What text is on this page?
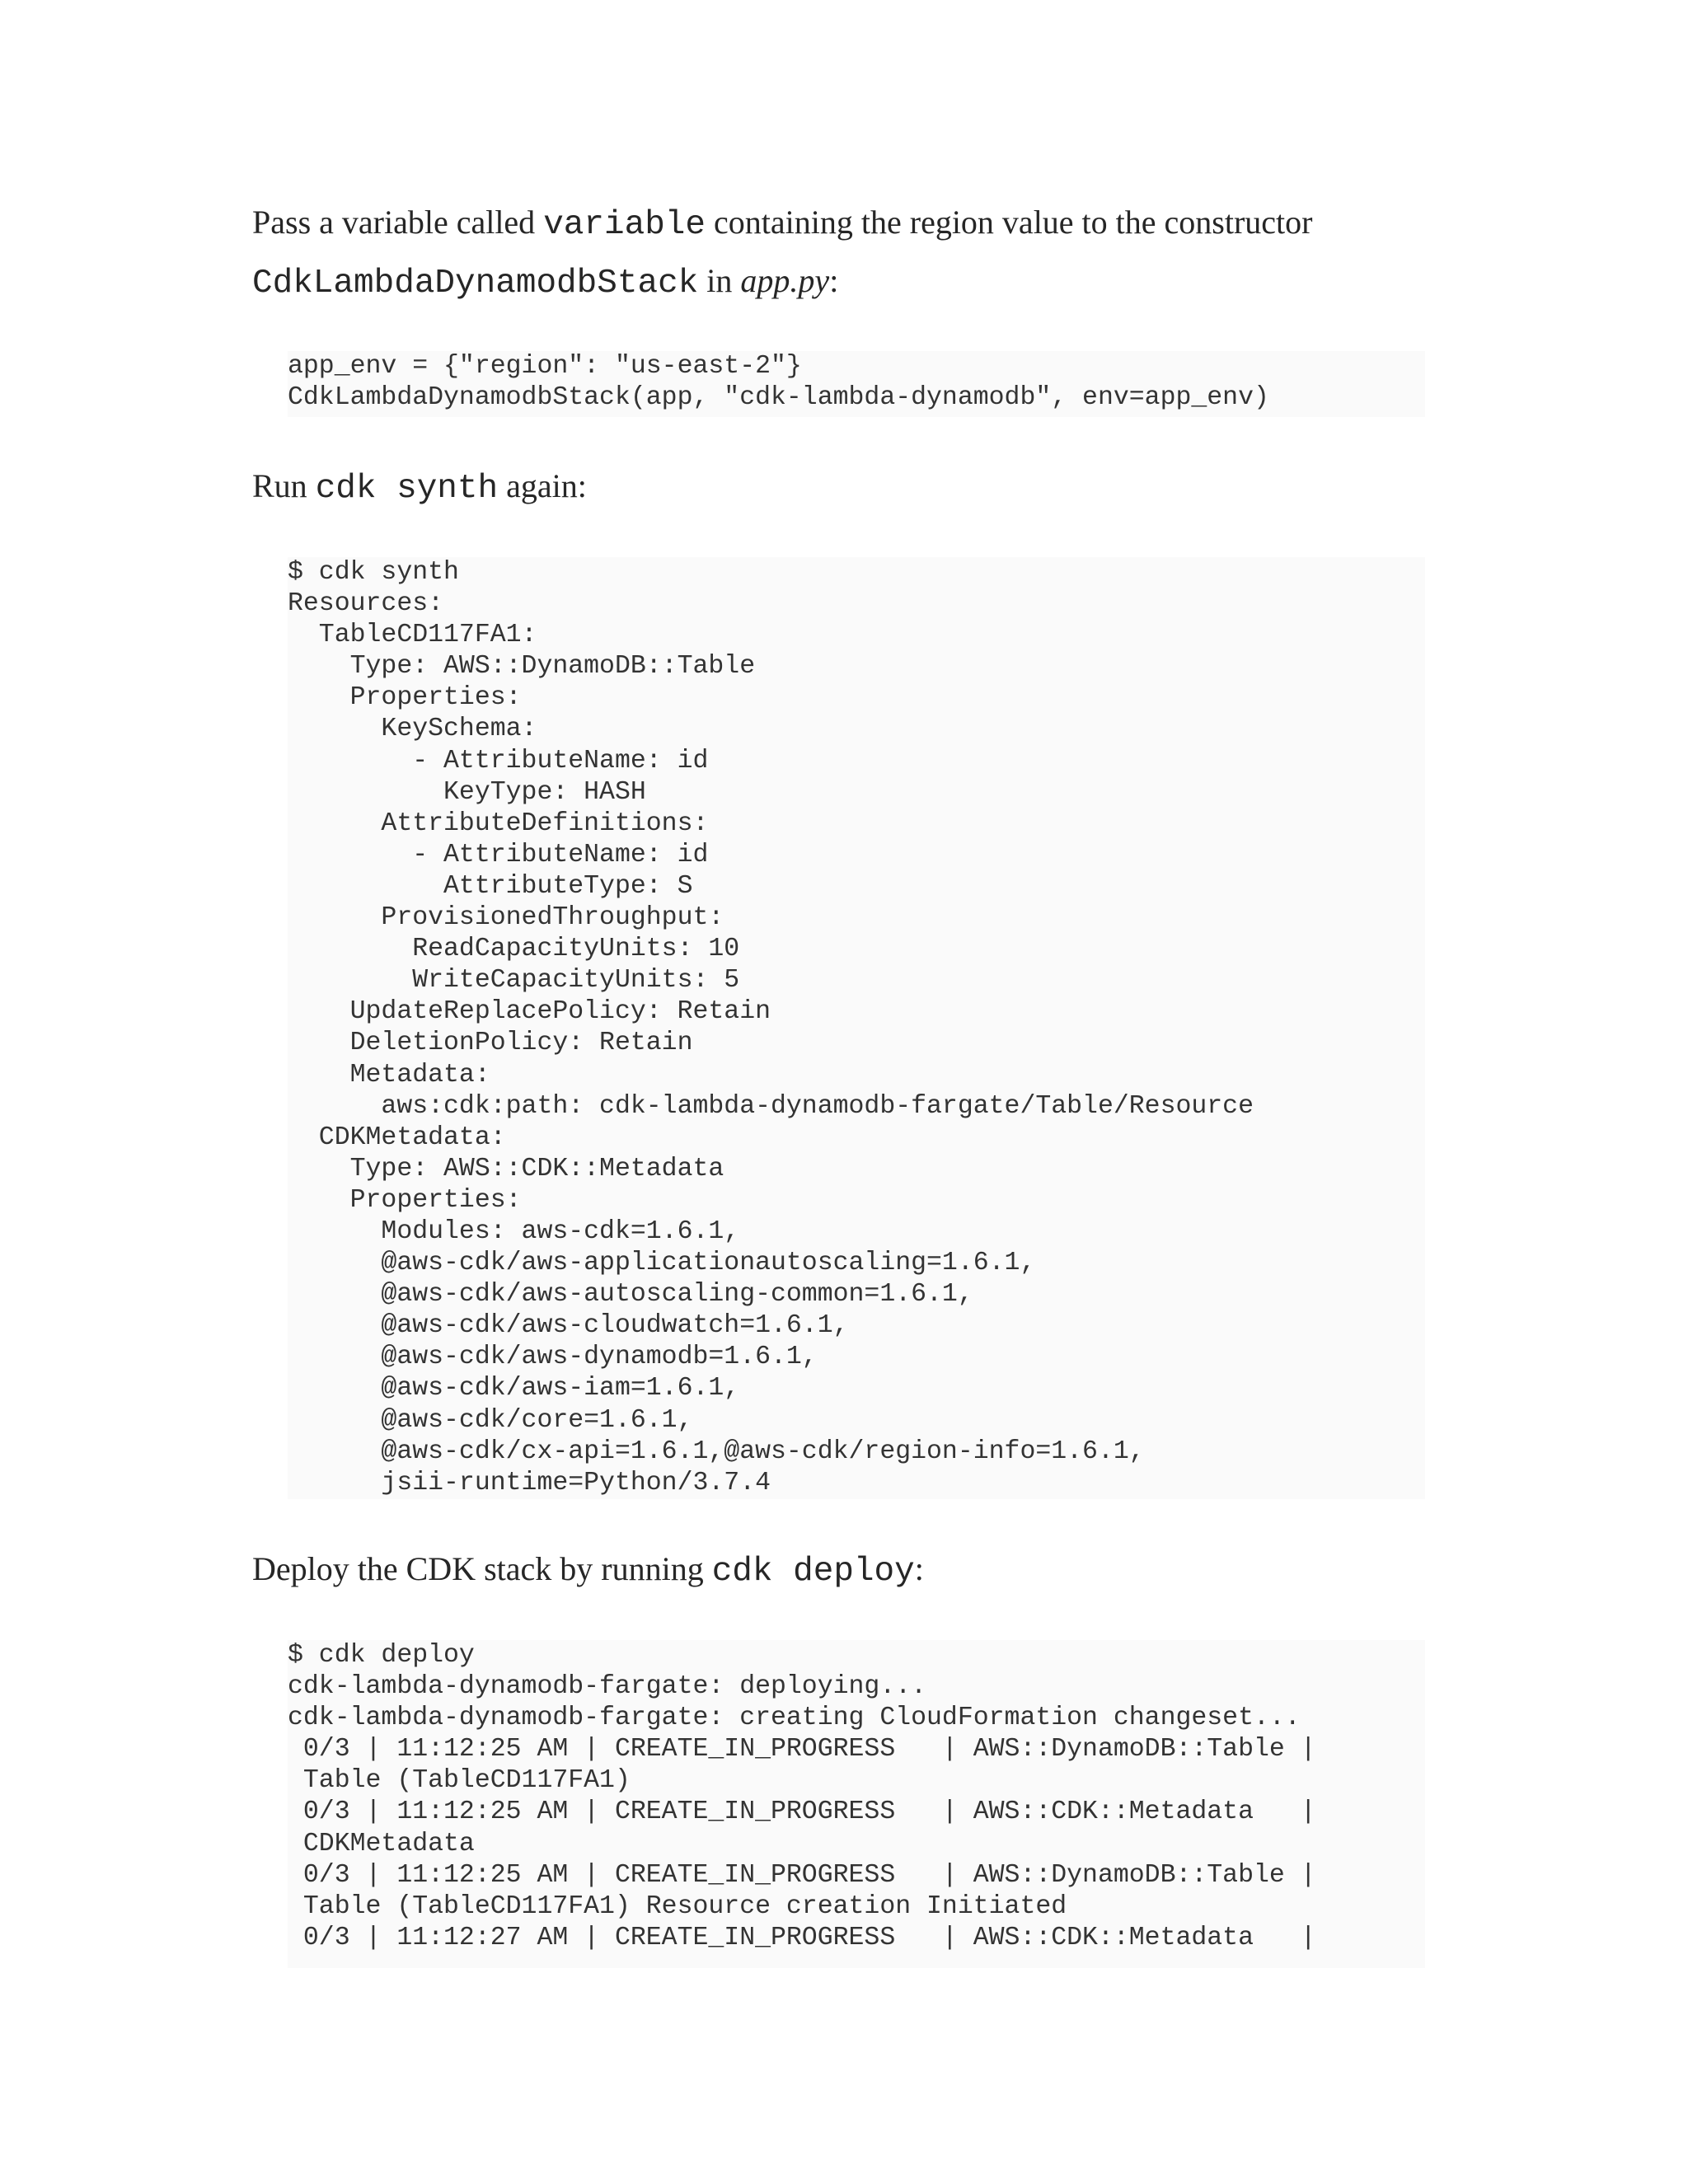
Pass a variable called variable containing the region value to the constructor
CdkLambdaDynamodbStack in app.py:

app_env = {"region": "us-east-2"}
CdkLambdaDynamodbStack(app, "cdk-lambda-dynamodb", env=app_env)

Run cdk synth again:

$ cdk synth
Resources:
TableCD117FA1:
Type: AWS::DynamoDB::Table
Properties:
KeySchema:
- AttributeName: id
KeyType: HASH
AttributeDefinitions:
- AttributeName: id
AttributeType: S
ProvisionedThroughput:
ReadCapacityUnits: 10
WriteCapacityUnits: 5
UpdateReplacePolicy: Retain
DeletionPolicy: Retain
Metadata:
aws:cdk:path: cdk-lambda-dynamodb-fargate/Table/Resource
CDKMetadata:
Type: AWS::CDK::Metadata
Properties:
Modules: aws-cdk=1.6.1,
@aws-cdk/aws-applicationautoscaling=1.6.1,
@aws-cdk/aws-autoscaling-common=1.6.1,
@aws-cdk/aws-cloudwatch=1.6.1,
@aws-cdk/aws-dynamodb=1.6.1,
@aws-cdk/aws-iam=1.6.1,
@aws-cdk/core=1.6.1,
@aws-cdk/cx-api=1.6.1,@aws-cdk/region-info=1.6.1,
jsii-runtime=Python/3.7.4

Deploy the CDK stack by running cdk deploy:

$ cdk deploy
cdk-lambda-dynamodb-fargate: deploying...
cdk-lambda-dynamodb-fargate: creating CloudFormation changeset...
0/3 | 11:12:25 AM | CREATE_IN_PROGRESS   | AWS::DynamoDB::Table |
Table (TableCD117FA1)
0/3 | 11:12:25 AM | CREATE_IN_PROGRESS   | AWS::CDK::Metadata   |
CDKMetadata
0/3 | 11:12:25 AM | CREATE_IN_PROGRESS   | AWS::DynamoDB::Table |
Table (TableCD117FA1) Resource creation Initiated
0/3 | 11:12:27 AM | CREATE_IN_PROGRESS   | AWS::CDK::Metadata   |
